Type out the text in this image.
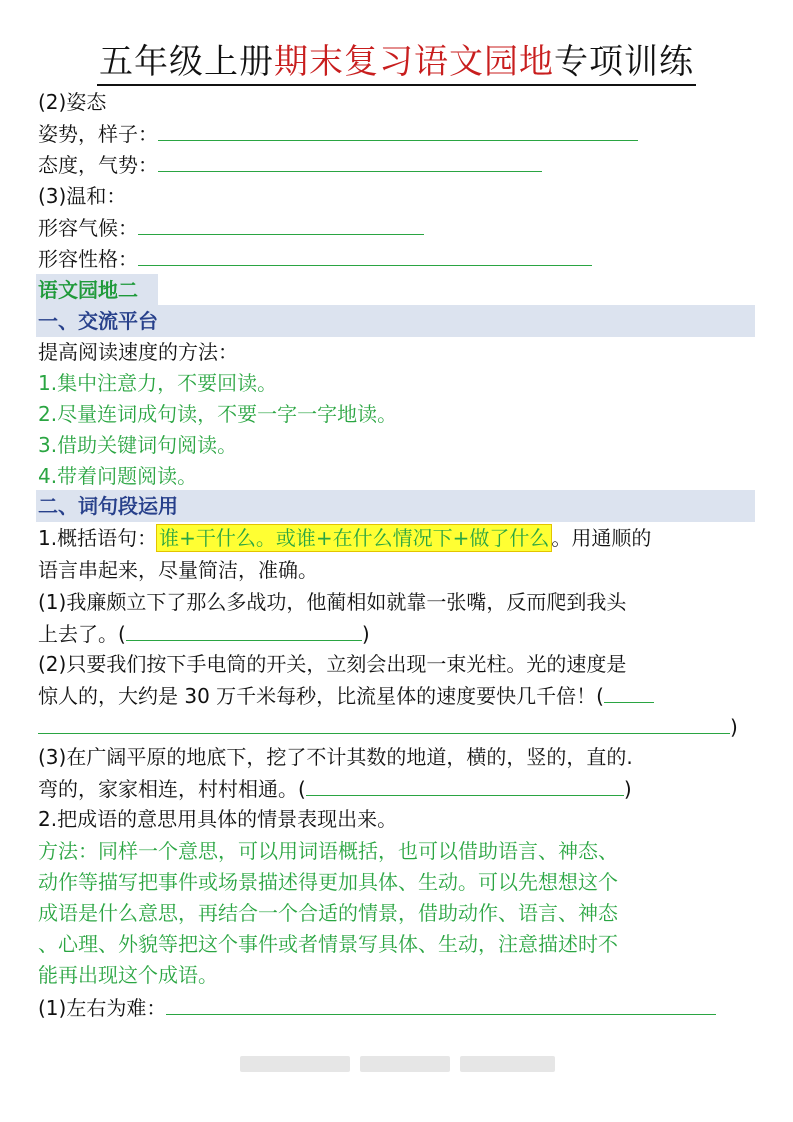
五年级上册期末复习语文园地专项训练
(2)姿态
姿势，样子：
态度，气势：
(3)温和：
形容气候：
形容性格：
语文园地二
一、交流平台
提高阅读速度的方法：
1.集中注意力，不要回读。
2.尽量连词成句读，不要一字一字地读。
3.借助关键词句阅读。
4.带着问题阅读。
二、词句段运用
1.概括语句： 谁+干什么。或谁+在什么情况下+做了什么 。用通顺的
语言串起来，尽量简洁，准确。
(1)我廉颇立下了那么多战功，他蔺相如就靠一张嘴，反而爬到我头
上去了。(	)
(2)只要我们按下手电筒的开关，立刻会出现一束光柱。光的速度是
惊人的，大约是 30 万千米每秒，比流星体的速度要快几千倍！(
)
(3)在广阔平原的地底下，挖了不计其数的地道，横的，竖的，直的.
弯的，家家相连，村村相通。(	)
2.把成语的意思用具体的情景表现出来。
方法：同样一个意思，可以用词语概括，也可以借助语言、神态、
动作等描写把事件或场景描述得更加具体、生动。可以先想想这个
成语是什么意思，再结合一个合适的情景，借助动作、语言、神态
、心理、外貌等把这个事件或者情景写具体、生动，注意描述时不
能再出现这个成语。
(1)左右为难：
